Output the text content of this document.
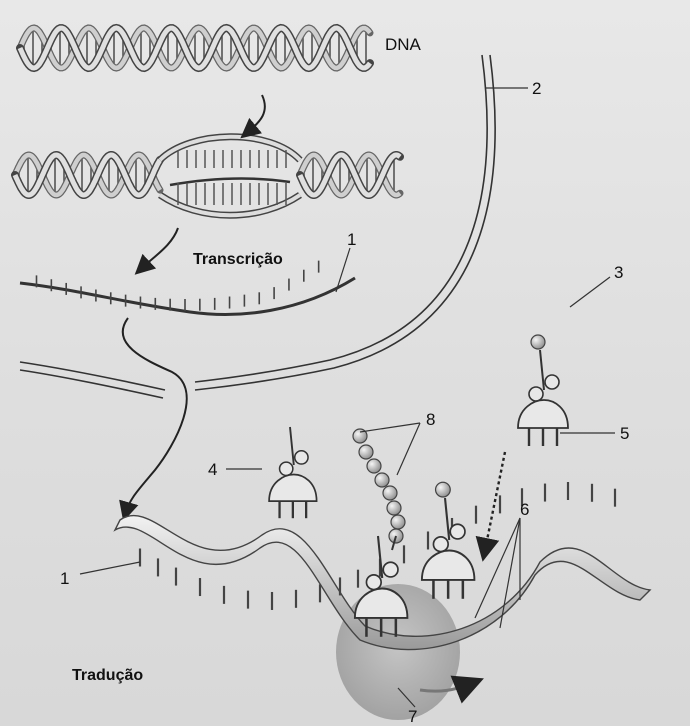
DNA
Transcrição
Tradução
1
2
3
4
5
6
1
7
8
